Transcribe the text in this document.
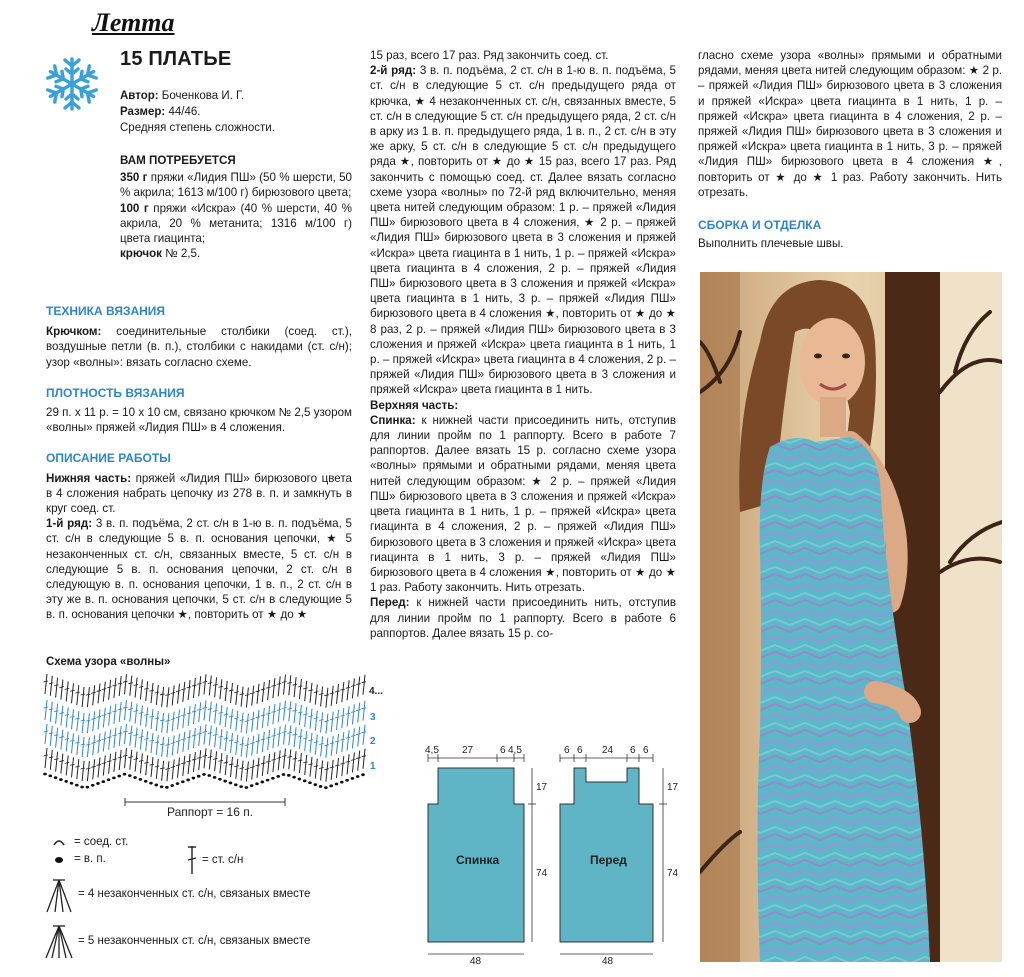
Летта
15 ПЛАТЬЕ
Автор: Боченкова И. Г.
Размер: 44/46.
Средняя степень сложности.

ВАМ ПОТРЕБУЕТСЯ

350 г пряжи «Лидия ПШ» (50 % шерсти, 50 % акрила; 1613 м/100 г) бирюзового цвета;

100 г пряжи «Искра» (40 % шерсти, 40 % акрила, 20 % метанита; 1316 м/100 г) цвета гиацинта;

крючок № 2,5.

ТЕХНИКА ВЯЗАНИЯ

Крючком: соединительные столбики (соед. ст.), воздушные петли (в. п.), столбики с накидами (ст. с/н); узор «волны»: вязать согласно схеме.

ПЛОТНОСТЬ ВЯЗАНИЯ

29 п. х 11 р. = 10 х 10 см, связано крючком № 2,5 узором «волны» пряжей «Лидия ПШ» в 4 сложения.

ОПИСАНИЕ РАБОТЫ

Нижняя часть: пряжей «Лидия ПШ» бирюзового цвета в 4 сложения набрать цепочку из 278 в. п. и замкнуть в круг соед. ст.

1-й ряд: 3 в. п. подъёма, 2 ст. с/н в 1-ю в. п. подъёма, 5 ст. с/н в следующие 5 в. п. основания цепочки, ★ 5 незаконченных ст. с/н, связанных вместе, 5 ст. с/н в следующие 5 в. п. основания цепочки, 2 ст. с/н в следующую в. п. основания цепочки, 1 в. п., 2 ст. с/н в эту же в. п. основания цепочки, 5 ст. с/н в следующие 5 в. п. основания цепочки ★, повторить от ★ до ★

15 раз, всего 17 раз. Ряд закончить соед. ст.

2-й ряд: 3 в. п. подъёма, 2 ст. с/н в 1-ю в. п. подъёма, 5 ст. с/н в следующие 5 ст. с/н предыдущего ряда от крючка, ★ 4 незаконченных ст. с/н, связанных вместе, 5 ст. с/н в следующие 5 ст. с/н предыдущего ряда, 2 ст. с/н в арку из 1 в. п. предыдущего ряда, 1 в. п., 2 ст. с/н в эту же арку, 5 ст. с/н в следующие 5 ст. с/н предыдущего ряда ★, повторить от ★ до ★ 15 раз, всего 17 раз. Ряд закончить с помощью соед. ст. Далее вязать согласно схеме узора «волны» по 72-й ряд включительно, меняя цвета нитей следующим образом: 1 р. – пряжей «Лидия ПШ» бирюзового цвета в 4 сложения, ★ 2 р. – пряжей «Лидия ПШ» бирюзового цвета в 3 сложения и пряжей «Искра» цвета гиацинта в 1 нить, 1 р. – пряжей «Искра» цвета гиацинта в 4 сложения, 2 р. – пряжей «Лидия ПШ» бирюзового цвета в 3 сложения и пряжей «Искра» цвета гиацинта в 1 нить, 3 р. – пряжей «Лидия ПШ» бирюзового цвета в 4 сложения ★, повторить от ★ до ★ 8 раз, 2 р. – пряжей «Лидия ПШ» бирюзового цвета в 3 сложения и пряжей «Искра» цвета гиацинта в 1 нить, 1 р. – пряжей «Искра» цвета гиацинта в 4 сложения, 2 р. – пряжей «Лидия ПШ» бирюзового цвета в 3 сложения и пряжей «Искра» цвета гиацинта в 1 нить.

Верхняя часть:

Спинка: к нижней части присоединить нить, отступив для линии пройм по 1 раппорту. Всего в работе 7 раппортов. Далее вязать 15 р. согласно схеме узора «волны» прямыми и обратными рядами, меняя цвета нитей следующим образом: ★ 2 р. – пряжей «Лидия ПШ» бирюзового цвета в 3 сложения и пряжей «Искра» цвета гиацинта в 1 нить, 1 р. – пряжей «Искра» цвета гиацинта в 4 сложения, 2 р. – пряжей «Лидия ПШ» бирюзового цвета в 3 сложения и пряжей «Искра» цвета гиацинта в 1 нить, 3 р. – пряжей «Лидия ПШ» бирюзового цвета в 4 сложения ★, повторить от ★ до ★ 1 раз. Работу закончить. Нить отрезать.

Перед: к нижней части присоединить нить, отступив для линии пройм по 1 раппорту. Всего в работе 6 раппортов. Далее вязать 15 р. со-

гласно схеме узора «волны» прямыми и обратными рядами, меняя цвета нитей следующим образом: ★ 2 р. – пряжей «Лидия ПШ» бирюзового цвета в 3 сложения и пряжей «Искра» цвета гиацинта в 1 нить, 1 р. – пряжей «Искра» цвета гиацинта в 4 сложения, 2 р. – пряжей «Лидия ПШ» бирюзового цвета в 3 сложения и пряжей «Искра» цвета гиацинта в 1 нить, 3 р. – пряжей «Лидия ПШ» бирюзового цвета в 4 сложения ★, повторить от ★ до ★ 1 раз. Работу закончить. Нить отрезать.

СБОРКА И ОТДЕЛКА

Выполнить плечевые швы.

Схема узора «волны»
Раппорт = 16 п.
4...
3
2
1
= соед. ст.
= в. п.	= ст. с/н
= 4 незаконченных ст. с/н, связаных вместе
= 5 незаконченных ст. с/н, связаных вместе
4,5 27	6 4,5
17
74
48
Спинка
6 6 24 6 6
17
74
48
Перед
